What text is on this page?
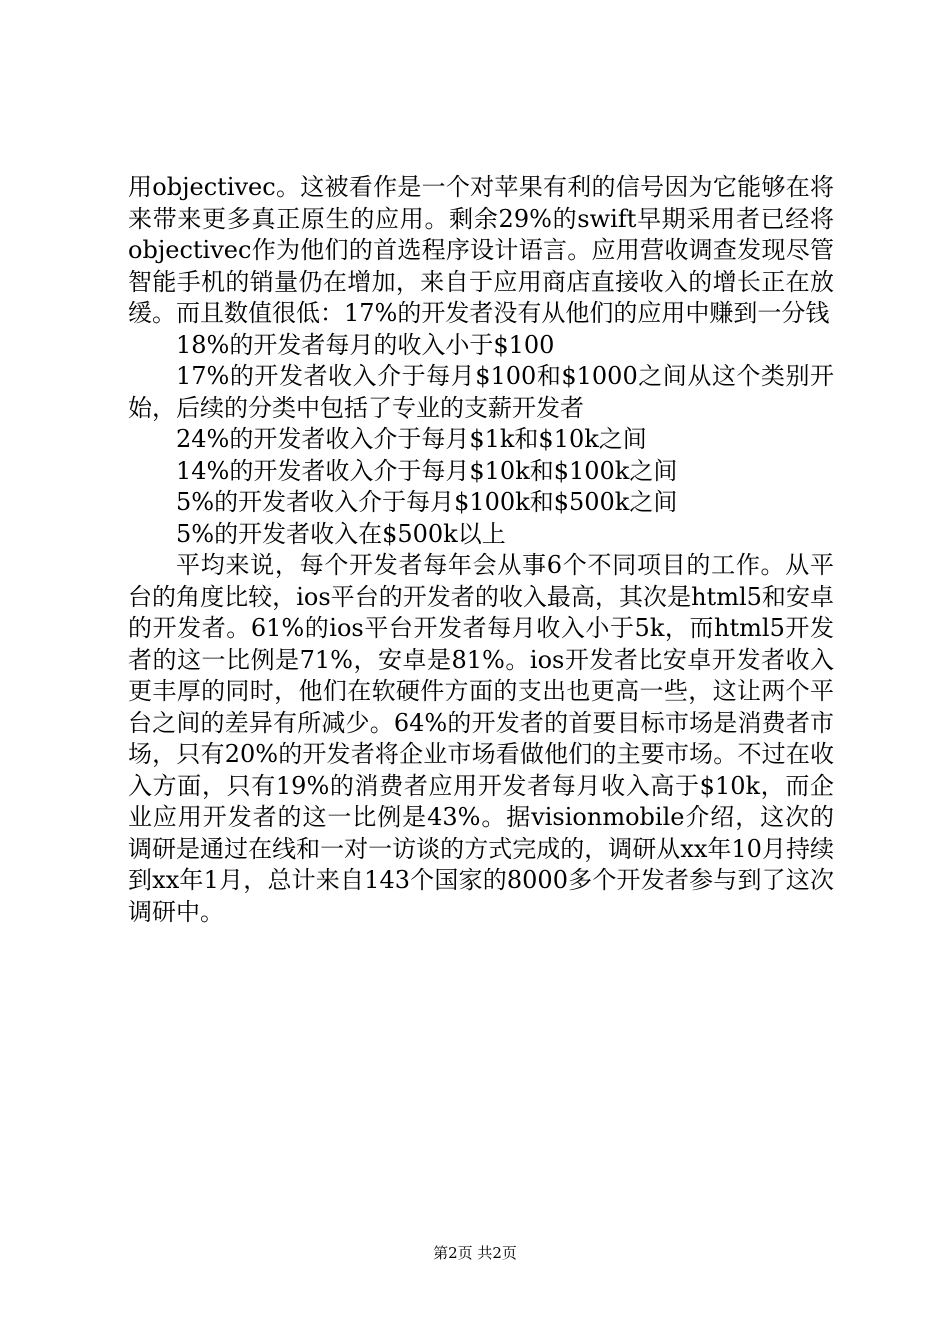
用objectivec。这被看作是一个对苹果有利的信号因为它能够在将来带来更多真正原生的应用。剩余29%的swift早期采用者已经将objectivec作为他们的首选程序设计语言。应用营收调查发现尽管智能手机的销量仍在增加，来自于应用商店直接收入的增长正在放缓。而且数值很低：17%的开发者没有从他们的应用中赚到一分钱

18%的开发者每月的收入小于$100

17%的开发者收入介于每月$100和$1000之间从这个类别开始，后续的分类中包括了专业的支薪开发者

24%的开发者收入介于每月$1k和$10k之间

14%的开发者收入介于每月$10k和$100k之间

5%的开发者收入介于每月$100k和$500k之间

5%的开发者收入在$500k以上

平均来说，每个开发者每年会从事6个不同项目的工作。从平台的角度比较，ios平台的开发者的收入最高，其次是html5和安卓的开发者。61%的ios平台开发者每月收入小于5k，而html5开发者的这一比例是71%，安卓是81%。ios开发者比安卓开发者收入更丰厚的同时，他们在软硬件方面的支出也更高一些，这让两个平台之间的差异有所减少。64%的开发者的首要目标市场是消费者市场，只有20%的开发者将企业市场看做他们的主要市场。不过在收入方面，只有19%的消费者应用开发者每月收入高于$10k，而企业应用开发者的这一比例是43%。据visionmobile介绍，这次的调研是通过在线和一对一访谈的方式完成的，调研从xx年10月持续到xx年1月，总计来自143个国家的8000多个开发者参与到了这次调研中。

第2页 共2页
